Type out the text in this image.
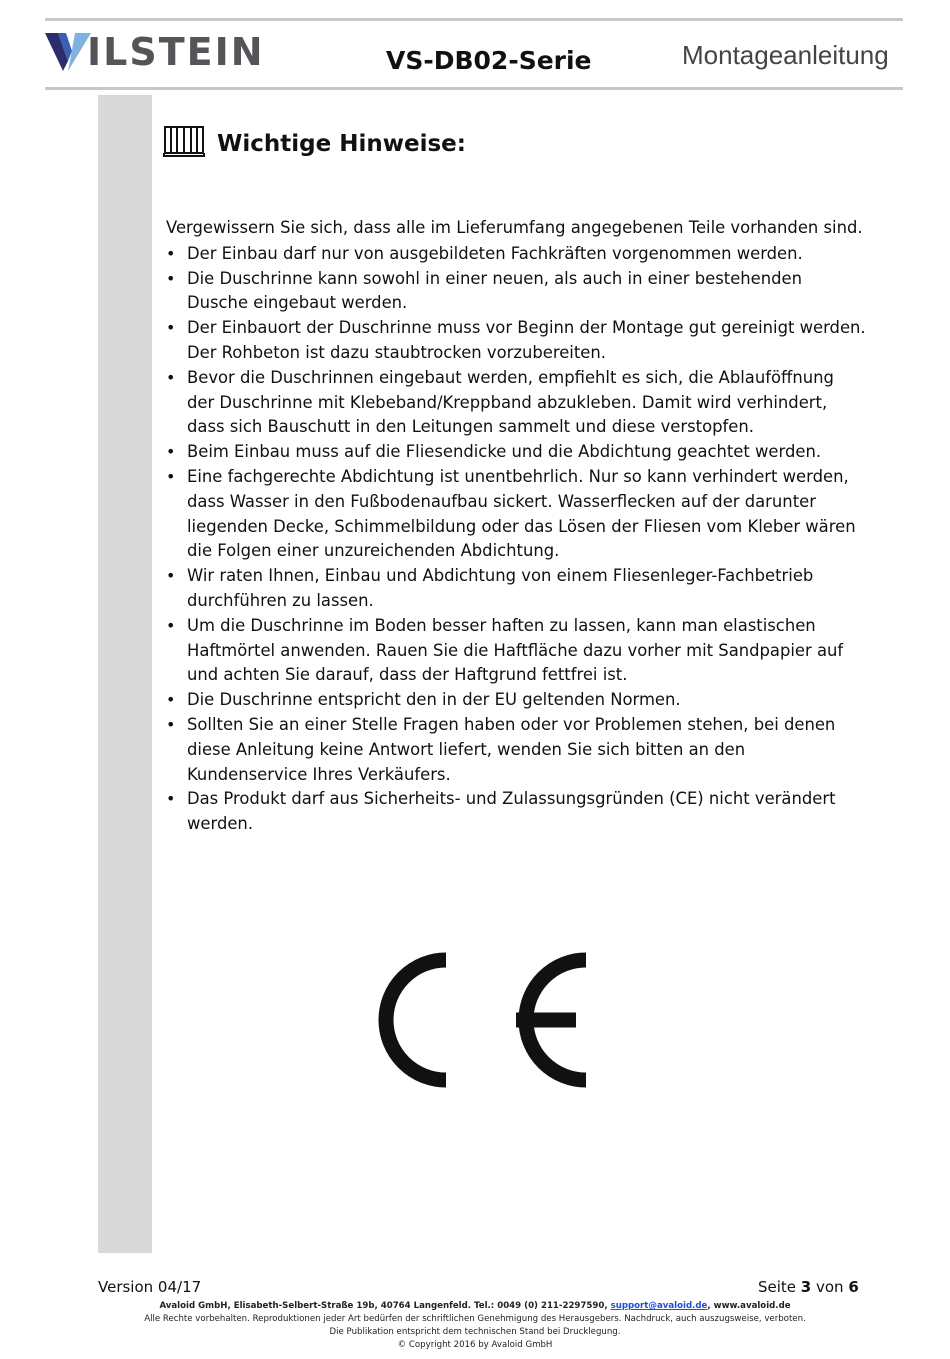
ILSTEIN	VS-DB02-Serie	Montageanleitung
Wichtige Hinweise:

Vergewissern Sie sich, dass alle im Lieferumfang angegebenen Teile vorhanden sind.

• Der Einbau darf nur von ausgebildeten Fachkräften vorgenommen werden.
• Die Duschrinne kann sowohl in einer neuen, als auch in einer bestehenden Dusche eingebaut werden.
• Der Einbauort der Duschrinne muss vor Beginn der Montage gut gereinigt werden. Der Rohbeton ist dazu staubtrocken vorzubereiten.
• Bevor die Duschrinnen eingebaut werden, empfiehlt es sich, die Ablauföffnung der Duschrinne mit Klebeband/Kreppband abzukleben. Damit wird verhindert, dass sich Bauschutt in den Leitungen sammelt und diese verstopfen.
• Beim Einbau muss auf die Fliesendicke und die Abdichtung geachtet werden.
• Eine fachgerechte Abdichtung ist unentbehrlich. Nur so kann verhindert werden, dass Wasser in den Fußbodenaufbau sickert. Wasserflecken auf der darunter liegenden Decke, Schimmelbildung oder das Lösen der Fliesen vom Kleber wären die Folgen einer unzureichenden Abdichtung.
• Wir raten Ihnen, Einbau und Abdichtung von einem Fliesenleger-Fachbetrieb durchführen zu lassen.
• Um die Duschrinne im Boden besser haften zu lassen, kann man elastischen Haftmörtel anwenden. Rauen Sie die Haftfläche dazu vorher mit Sandpapier auf und achten Sie darauf, dass der Haftgrund fettfrei ist.
• Die Duschrinne entspricht den in der EU geltenden Normen.
• Sollten Sie an einer Stelle Fragen haben oder vor Problemen stehen, bei denen diese Anleitung keine Antwort liefert, wenden Sie sich bitten an den Kundenservice Ihres Verkäufers.
• Das Produkt darf aus Sicherheits- und Zulassungsgründen (CE) nicht verändert werden.
Version 04/17	Seite 3 von 6
Avaloid GmbH, Elisabeth-Selbert-Straße 19b, 40764 Langenfeld. Tel.: 0049 (0) 211-2297590, support@avaloid.de, www.avaloid.de
Alle Rechte vorbehalten. Reproduktionen jeder Art bedürfen der schriftlichen Genehmigung des Herausgebers. Nachdruck, auch auszugsweise, verboten.
Die Publikation entspricht dem technischen Stand bei Drucklegung.
© Copyright 2016 by Avaloid GmbH
